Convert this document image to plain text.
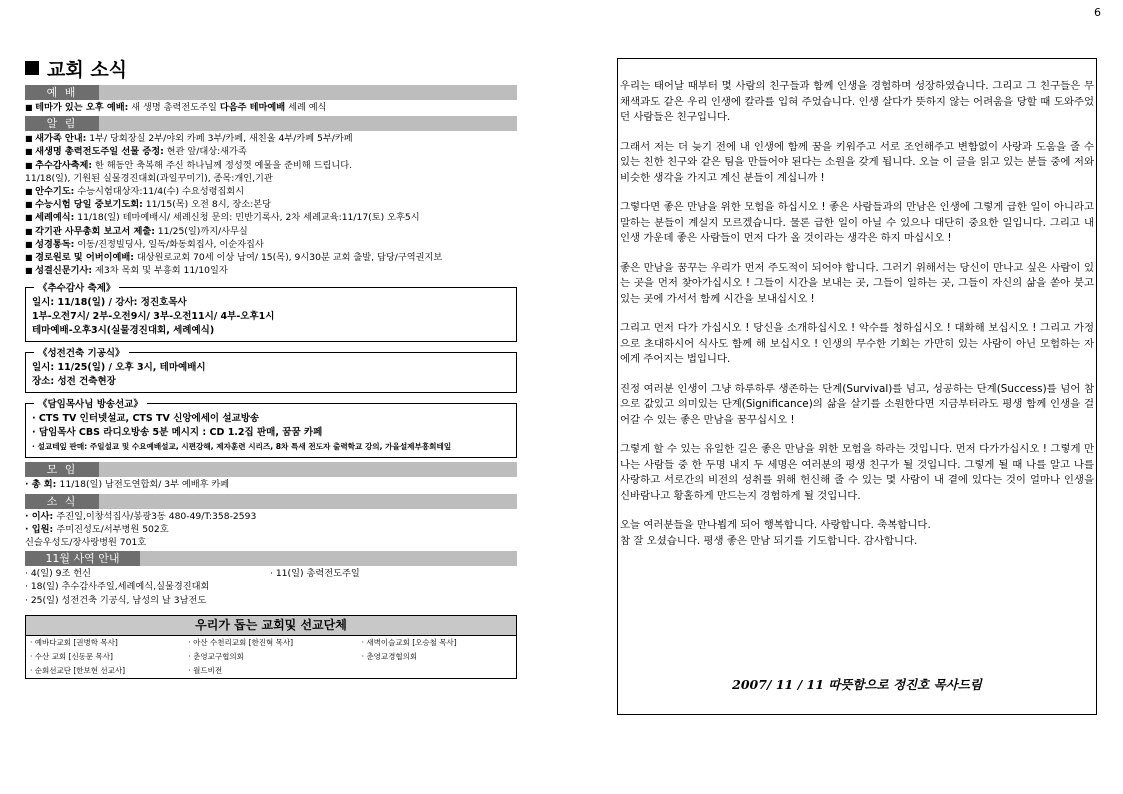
6
교회 소식
예 배
■ 테마가 있는 오후 예배: 새 생명 총력전도주일 다음주 테마예배 세례 예식
알 림
■ 새가족 안내: 1부/ 당회장실 2부/야외 카페 3부/카페, 새친울 4부/카페 5부/카페
■ 새생명 총력전도주일 선물 증정: 현관 앞/대상:새가족
■ 추수감사축제: 한 해동안 축복해 주신 하나님께 정성껏 예물을 준비해 드립니다.
11/18(일), 기원된 실물경진대회(과일꾸미기), 종목:개인,기관
■ 안수기도: 수능시험대상자:11/4(수) 수요성령집회시
■ 수능시험 당일 중보기도회: 11/15(목) 오전 8시, 장소:본당
■ 세례예식: 11/18(일) 테마예배시/ 세례신청 문의: 민반기록사, 2차 세례교육:11/17(토) 오후5시
■ 각기관 사무총회 보고서 제출: 11/25(일)까지/사무실
■ 성경통독: 이동/진정빌딩사, 일독/화동회집사, 이순자집사
■ 경로원로 및 어버이예배: 대상원로교회 70세 이상 남여/ 15(목), 9시30분 교회 출발, 답당/구역권지보
■ 성결신문기사: 제3차 목회 및 부흥회 11/10일자
《추수감사 축제》
일시: 11/18(일) / 강사: 정진호목사
1부-오전7시/ 2부-오전9시/ 3부-오전11시/ 4부-오후1시
테마예배-오후3시(실물경진대회, 세례예식)
《성전건축 기공식》
일시: 11/25(일) / 오후 3시, 테마예배시
장소: 성전 건축현장
《담임목사님 방송선교》
· CTS TV 인터넷설교, CTS TV 신앙에세이 설교방송
· 담임목사 CBS 라디오방송 5분 메시지 : CD 1.2집 판매, 꿈꿈 카페
· 설교테잎 판매: 주일설교 및 수요예배설교, 시편강해, 제자훈련 시리즈, 8차 특새 전도자 출력학교 강의, 가을설제부흥회테잎
모 임
· 총 회: 11/18(일) 남전도연합회/ 3부 예배후 카페
소 식
· 이사: 주진일,이창석집사/봉광3동 480-49/T:358-2593
· 입원: 주미진성도/서부병원 502호
신슬우성도/장사랑병원 701호
11월 사역 안내
· 4(일) 9조 헌신	· 11(일) 총력전도주일
· 18(일) 추수감사주일,세례예식,실물경진대회
· 25(일) 성전건축 기공식, 남성의 날 3남전도
우리가 돕는 교회및 선교단체
· 예바다교회 [권병학 목사]	· 아산 수천리교회 [한진혁 목사]	· 새벽이슬교회 [오승철 목사]
· 수산 교회 [신동문 목사]	· 춘영교구협의회	· 춘영교경협의회
· 순회선교단 [한보현 선교사]	· 월드비전	

우리는 태어날 때부터 몇 사람의 친구들과 함께 인생을 경험하며 성장하였습니다. 그리고 그 친구들은 무채색과도 같은 우리 인생에 칼라를 입혀 주었습니다. 인생 살다가 뜻하지 않는 어려움을 당할 때 도와주었던 사람들은 친구입니다.

그래서 저는 더 늦기 전에 내 인생에 함께 꿈을 키워주고 서로 조언해주고 변함없이 사랑과 도움을 줄 수 있는 친한 친구와 같은 팀을 만들어야 된다는 소원을 갖게 됩니다. 오늘 이 글을 읽고 있는 분들 중에 저와 비슷한 생각을 가지고 계신 분들이 계십니까 !

그렇다면 좋은 만남을 위한 모험을 하십시오 ! 좋은 사람들과의 만남은 인생에 그렇게 급한 일이 아니라고 말하는 분들이 계실지 모르겠습니다. 물론 급한 일이 아닐 수 있으나 대단히 중요한 일입니다. 그리고 내 인생 가운데 좋은 사람들이 먼저 다가 올 것이라는 생각은 하지 마십시오 !

좋은 만남을 꿈꾸는 우리가 먼저 주도적이 되어야 합니다. 그러기 위해서는 당신이 만나고 싶은 사람이 있는 곳을 먼저 찾아가십시오 ! 그들이 시간을 보내는 곳, 그들이 일하는 곳, 그들이 자신의 삶을 쏟아 붓고 있는 곳에 가서서 함께 시간을 보내십시오 !

그리고 먼저 다가 가십시오 ! 당신을 소개하십시오 ! 악수를 청하십시오 ! 대화해 보십시오 ! 그리고 가정으로 초대하시어 식사도 함께 해 보십시오 ! 인생의 무수한 기회는 가만히 있는 사람이 아닌 모험하는 자에게 주어지는 법입니다.

진정 여러분 인생이 그냥 하루하루 생존하는 단계(Survival)를 넘고, 성공하는 단계(Success)를 넘어 참으로 값있고 의미있는 단계(Significance)의 삶을 살기를 소원한다면 지금부터라도 평생 함께 인생을 걸어갈 수 있는 좋은 만남을 꿈꾸십시오 !

그렇게 할 수 있는 유일한 길은 좋은 만남을 위한 모험을 하라는 것입니다. 먼저 다가가십시오 ! 그렇게 만나는 사람들 중 한 두명 내지 두 세명은 여러분의 평생 친구가 될 것입니다. 그렇게 될 때 나를 알고 나를 사랑하고 서로간의 비전의 성취를 위해 헌신해 줄 수 있는 몇 사람이 내 곁에 있다는 것이 얼마나 인생을 신바람나고 황홀하게 만드는지 경험하게 될 것입니다.

오늘 여러분들을 만나뵙게 되어 행복합니다. 사랑합니다. 축복합니다.
참 잘 오셨습니다. 평생 좋은 만남 되기를 기도합니다. 감사합니다.

2007/ 11 / 11 따뜻함으로 정진호 목사드림
